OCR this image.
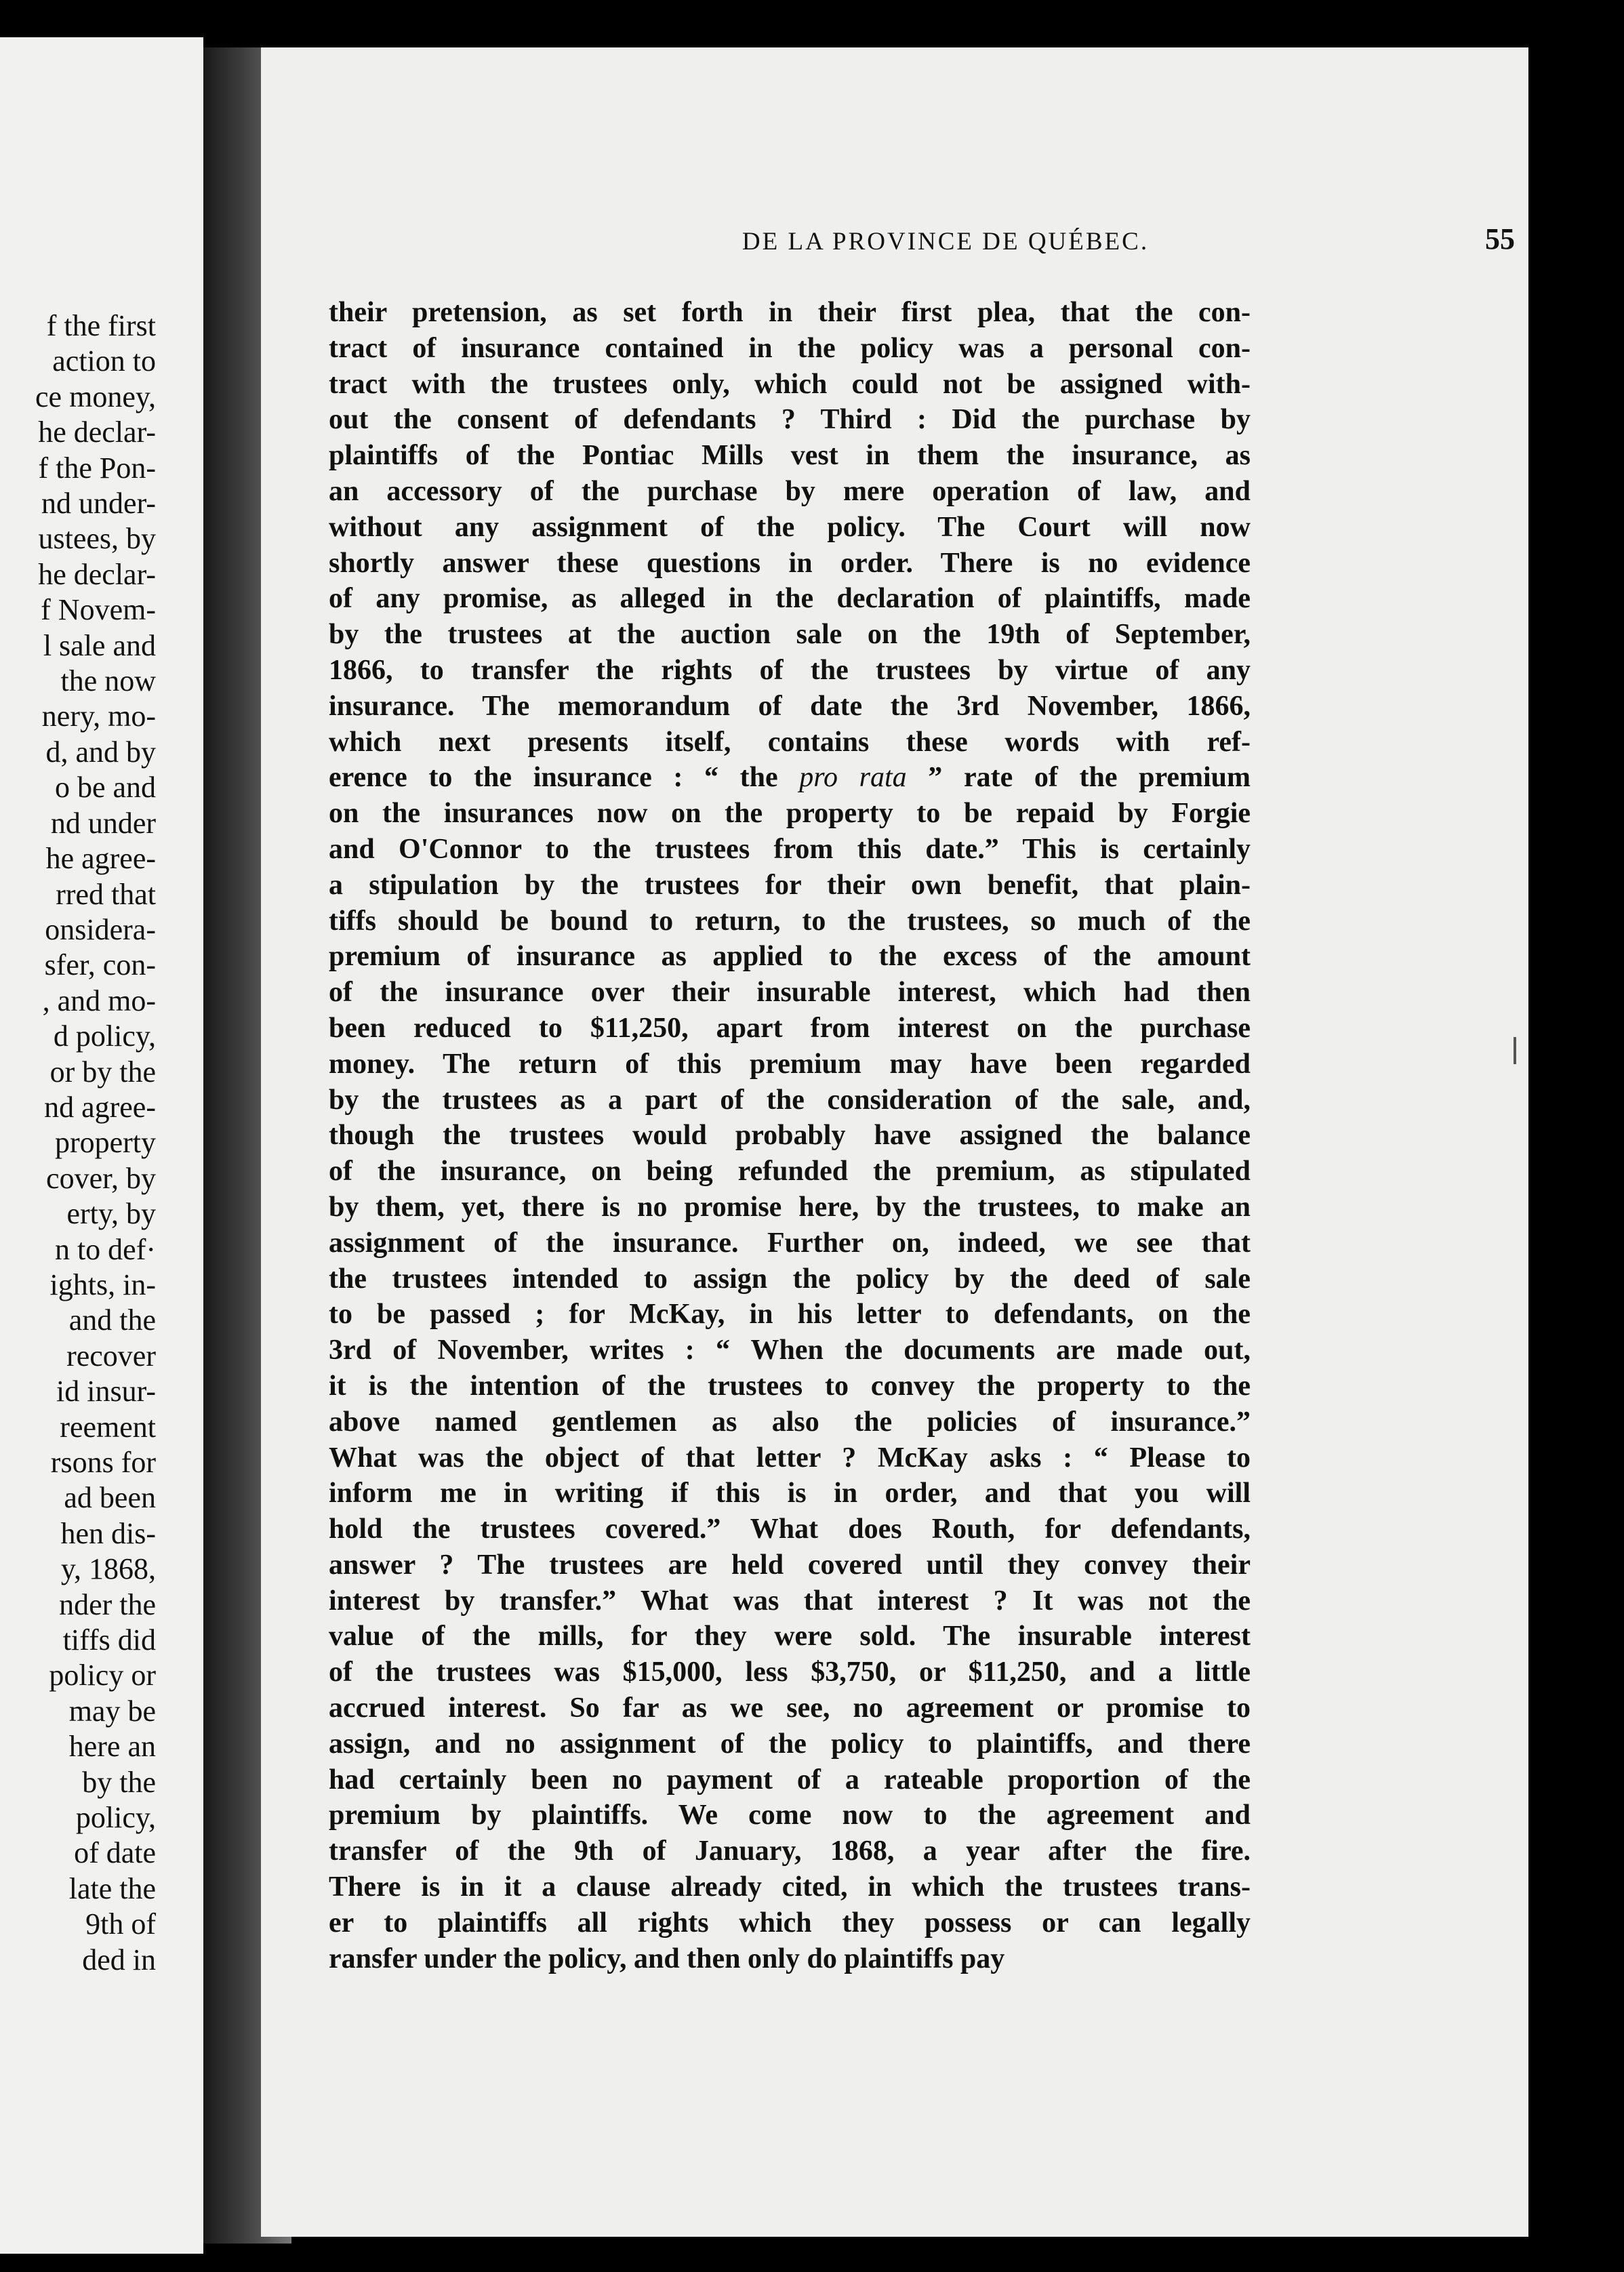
f the first
action to
ce money,
he declar-
f the Pon-
nd under-
ustees, by
he declar-
f Novem-
l sale and
the now
nery, mo-
d, and by
o be and
nd under
he agree-
rred that
onsidera-
sfer, con-
, and mo-
d policy,
or by the
nd agree-
property
cover, by
erty, by
n to def·
ights, in-
and the
recover
id insur-
reement
rsons for
ad been
hen dis-
y, 1868,
nder the
tiffs did
policy or
may be
here an
by the
policy,
of date
late the
9th of
ded in
DE LA PROVINCE DE QUÉBEC.	55
their pretension, as set forth in their first plea, that the con-
tract of insurance contained in the policy was a personal con-
tract with the trustees only, which could not be assigned with-
out the consent of defendants ? Third : Did the purchase by
plaintiffs of the Pontiac Mills vest in them the insurance, as
an accessory of the purchase by mere operation of law, and
without any assignment of the policy. The Court will now
shortly answer these questions in order. There is no evidence
of any promise, as alleged in the declaration of plaintiffs, made
by the trustees at the auction sale on the 19th of September,
1866, to transfer the rights of the trustees by virtue of any
insurance. The memorandum of date the 3rd November, 1866,
which next presents itself, contains these words with ref-
erence to the insurance : “ the pro rata ” rate of the premium
on the insurances now on the property to be repaid by Forgie
and O'Connor to the trustees from this date.” This is certainly
a stipulation by the trustees for their own benefit, that plain-
tiffs should be bound to return, to the trustees, so much of the
premium of insurance as applied to the excess of the amount
of the insurance over their insurable interest, which had then
been reduced to $11,250, apart from interest on the purchase
money. The return of this premium may have been regarded
by the trustees as a part of the consideration of the sale, and,
though the trustees would probably have assigned the balance
of the insurance, on being refunded the premium, as stipulated
by them, yet, there is no promise here, by the trustees, to make an
assignment of the insurance. Further on, indeed, we see that
the trustees intended to assign the policy by the deed of sale
to be passed ; for McKay, in his letter to defendants, on the
3rd of November, writes : “ When the documents are made out,
it is the intention of the trustees to convey the property to the
above named gentlemen as also the policies of insurance.”
What was the object of that letter ? McKay asks : “ Please to
inform me in writing if this is in order, and that you will
hold the trustees covered.” What does Routh, for defendants,
answer ? The trustees are held covered until they convey their
interest by transfer.” What was that interest ? It was not the
value of the mills, for they were sold. The insurable interest
of the trustees was $15,000, less $3,750, or $11,250, and a little
accrued interest. So far as we see, no agreement or promise to
assign, and no assignment of the policy to plaintiffs, and there
had certainly been no payment of a rateable proportion of the
premium by plaintiffs. We come now to the agreement and
transfer of the 9th of January, 1868, a year after the fire.
There is in it a clause already cited, in which the trustees trans-
er to plaintiffs all rights which they possess or can legally
ransfer under the policy, and then only do plaintiffs pay
